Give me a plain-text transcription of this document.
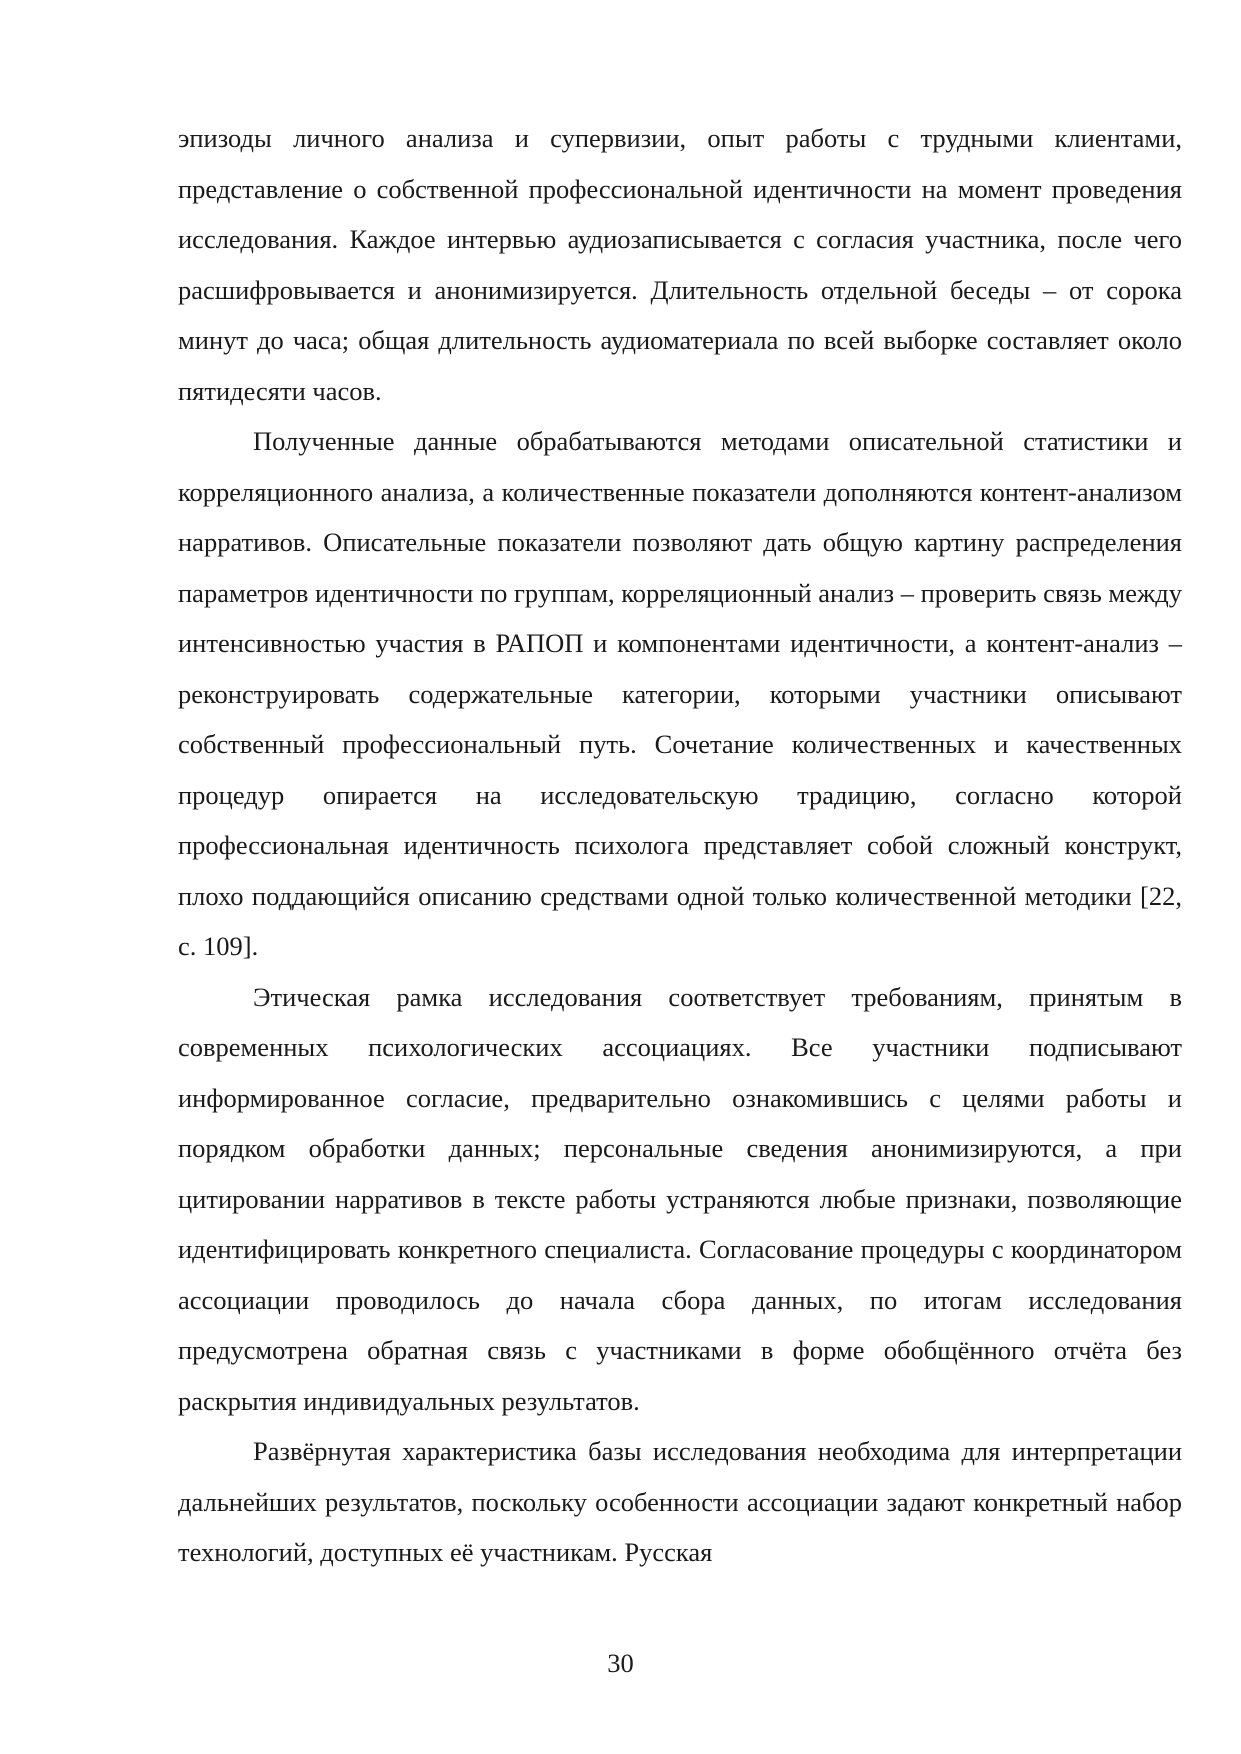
эпизоды личного анализа и супервизии, опыт работы с трудными клиентами, представление о собственной профессиональной идентичности на момент проведения исследования. Каждое интервью аудиозаписывается с согласия участника, после чего расшифровывается и анонимизируется. Длительность отдельной беседы – от сорока минут до часа; общая длительность аудиоматериала по всей выборке составляет около пятидесяти часов.

Полученные данные обрабатываются методами описательной статистики и корреляционного анализа, а количественные показатели дополняются контент-анализом нарративов. Описательные показатели позволяют дать общую картину распределения параметров идентичности по группам, корреляционный анализ – проверить связь между интенсивностью участия в РАПОП и компонентами идентичности, а контент-анализ – реконструировать содержательные категории, которыми участники описывают собственный профессиональный путь. Сочетание количественных и качественных процедур опирается на исследовательскую традицию, согласно которой профессиональная идентичность психолога представляет собой сложный конструкт, плохо поддающийся описанию средствами одной только количественной методики [22, с. 109].

Этическая рамка исследования соответствует требованиям, принятым в современных психологических ассоциациях. Все участники подписывают информированное согласие, предварительно ознакомившись с целями работы и порядком обработки данных; персональные сведения анонимизируются, а при цитировании нарративов в тексте работы устраняются любые признаки, позволяющие идентифицировать конкретного специалиста. Согласование процедуры с координатором ассоциации проводилось до начала сбора данных, по итогам исследования предусмотрена обратная связь с участниками в форме обобщённого отчёта без раскрытия индивидуальных результатов.

Развёрнутая характеристика базы исследования необходима для интерпретации дальнейших результатов, поскольку особенности ассоциации задают конкретный набор технологий, доступных её участникам. Русская

30
